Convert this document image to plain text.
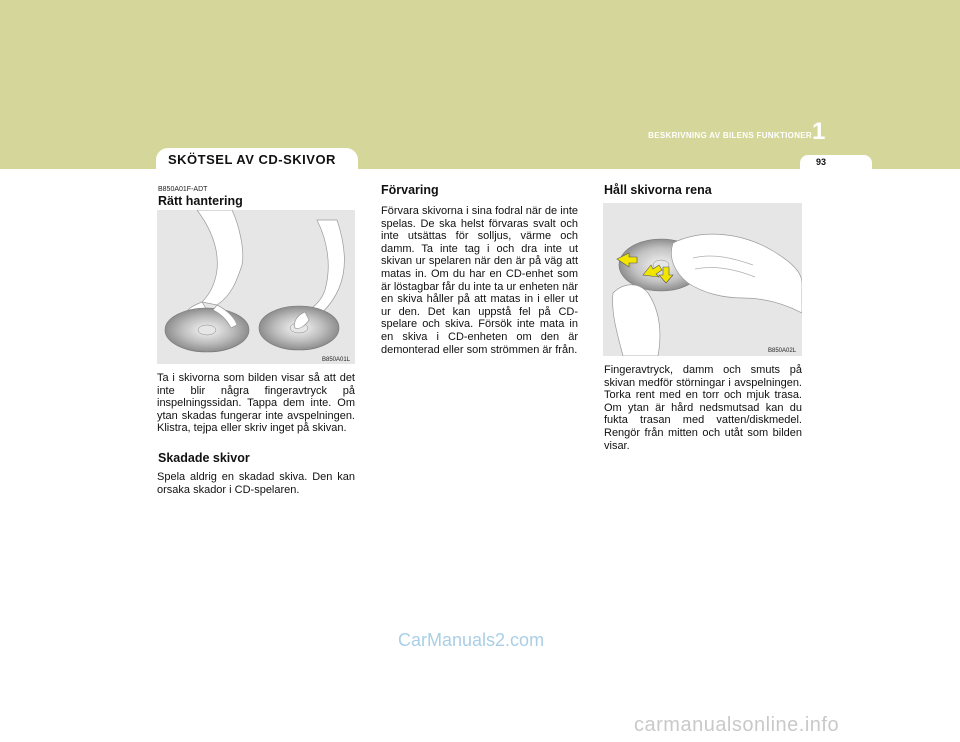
SKÖTSEL AV CD-SKIVOR
BESKRIVNING AV BILENS FUNKTIONER 1
93
B850A01F-ADT
Rätt hantering
B850A01L
Ta i skivorna som bilden visar så att det inte blir några fingeravtryck på inspelningssidan. Tappa dem inte. Om ytan skadas fungerar inte avspelningen. Klistra, tejpa eller skriv inget på skivan.
Skadade skivor
Spela aldrig en skadad skiva. Den kan orsaka skador i CD-spelaren.
Förvaring
Förvara skivorna i sina fodral när de inte spelas. De ska helst förvaras svalt och inte utsättas för solljus, värme och damm. Ta inte tag i och dra inte ut skivan ur spelaren när den är på väg att matas in. Om du har en CD-enhet som är löstagbar får du inte ta ur enheten när en skiva håller på att matas in i eller ut ur den. Det kan uppstå fel på CD-spelare och skiva. Försök inte mata in en skiva i CD-enheten om den är demonterad eller som strömmen är från.
Håll skivorna rena
B850A02L
Fingeravtryck, damm och smuts på skivan medför störningar i avspelningen. Torka rent med en torr och mjuk trasa. Om ytan är hård nedsmutsad kan du fukta trasan med vatten/diskmedel. Rengör från mitten och utåt som bilden visar.
CarManuals2.com
carmanualsonline.info
